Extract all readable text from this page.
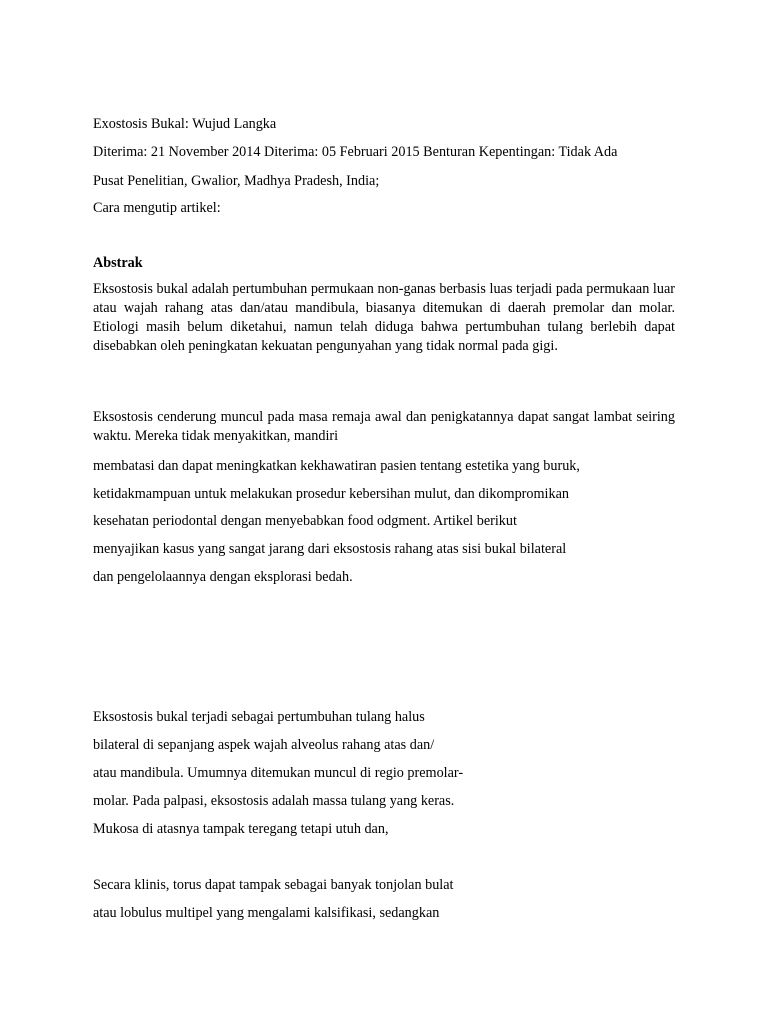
Exostosis Bukal: Wujud Langka
Diterima: 21 November 2014 Diterima: 05 Februari 2015 Benturan Kepentingan: Tidak Ada
Pusat Penelitian, Gwalior, Madhya Pradesh, India;
Cara mengutip artikel:
Abstrak

Eksostosis bukal adalah pertumbuhan permukaan non-ganas berbasis luas terjadi pada permukaan luar atau wajah rahang atas dan/atau mandibula, biasanya ditemukan di daerah premolar dan molar. Etiologi masih belum diketahui, namun telah diduga bahwa pertumbuhan tulang berlebih dapat disebabkan oleh peningkatan kekuatan pengunyahan yang tidak normal pada gigi.

Eksostosis cenderung muncul pada masa remaja awal dan penigkatannya dapat sangat lambat seiring waktu. Mereka tidak menyakitkan, mandiri

membatasi dan dapat meningkatkan kekhawatiran pasien tentang estetika yang buruk,
ketidakmampuan untuk melakukan prosedur kebersihan mulut, dan dikompromikan
kesehatan periodontal dengan menyebabkan food odgment. Artikel berikut
menyajikan kasus yang sangat jarang dari eksostosis rahang atas sisi bukal bilateral
dan pengelolaannya dengan eksplorasi bedah.
Eksostosis bukal terjadi sebagai pertumbuhan tulang halus
bilateral di sepanjang aspek wajah alveolus rahang atas dan/
atau mandibula. Umumnya ditemukan muncul di regio premolar-
molar. Pada palpasi, eksostosis adalah massa tulang yang keras.
Mukosa di atasnya tampak teregang tetapi utuh dan,
Secara klinis, torus dapat tampak sebagai banyak tonjolan bulat
atau lobulus multipel yang mengalami kalsifikasi, sedangkan
